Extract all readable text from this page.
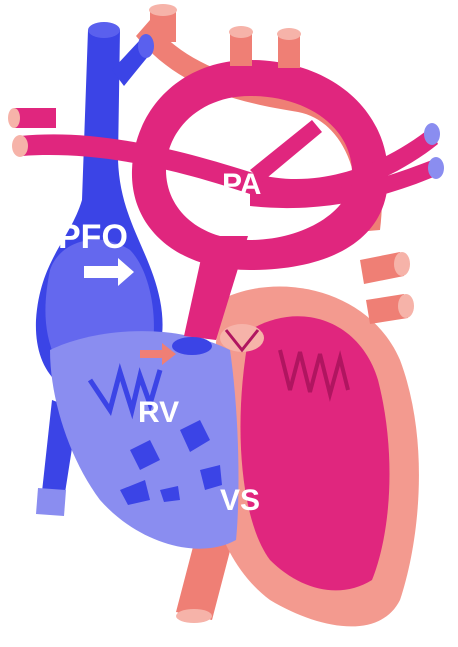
PFO
PA
RV
VS
